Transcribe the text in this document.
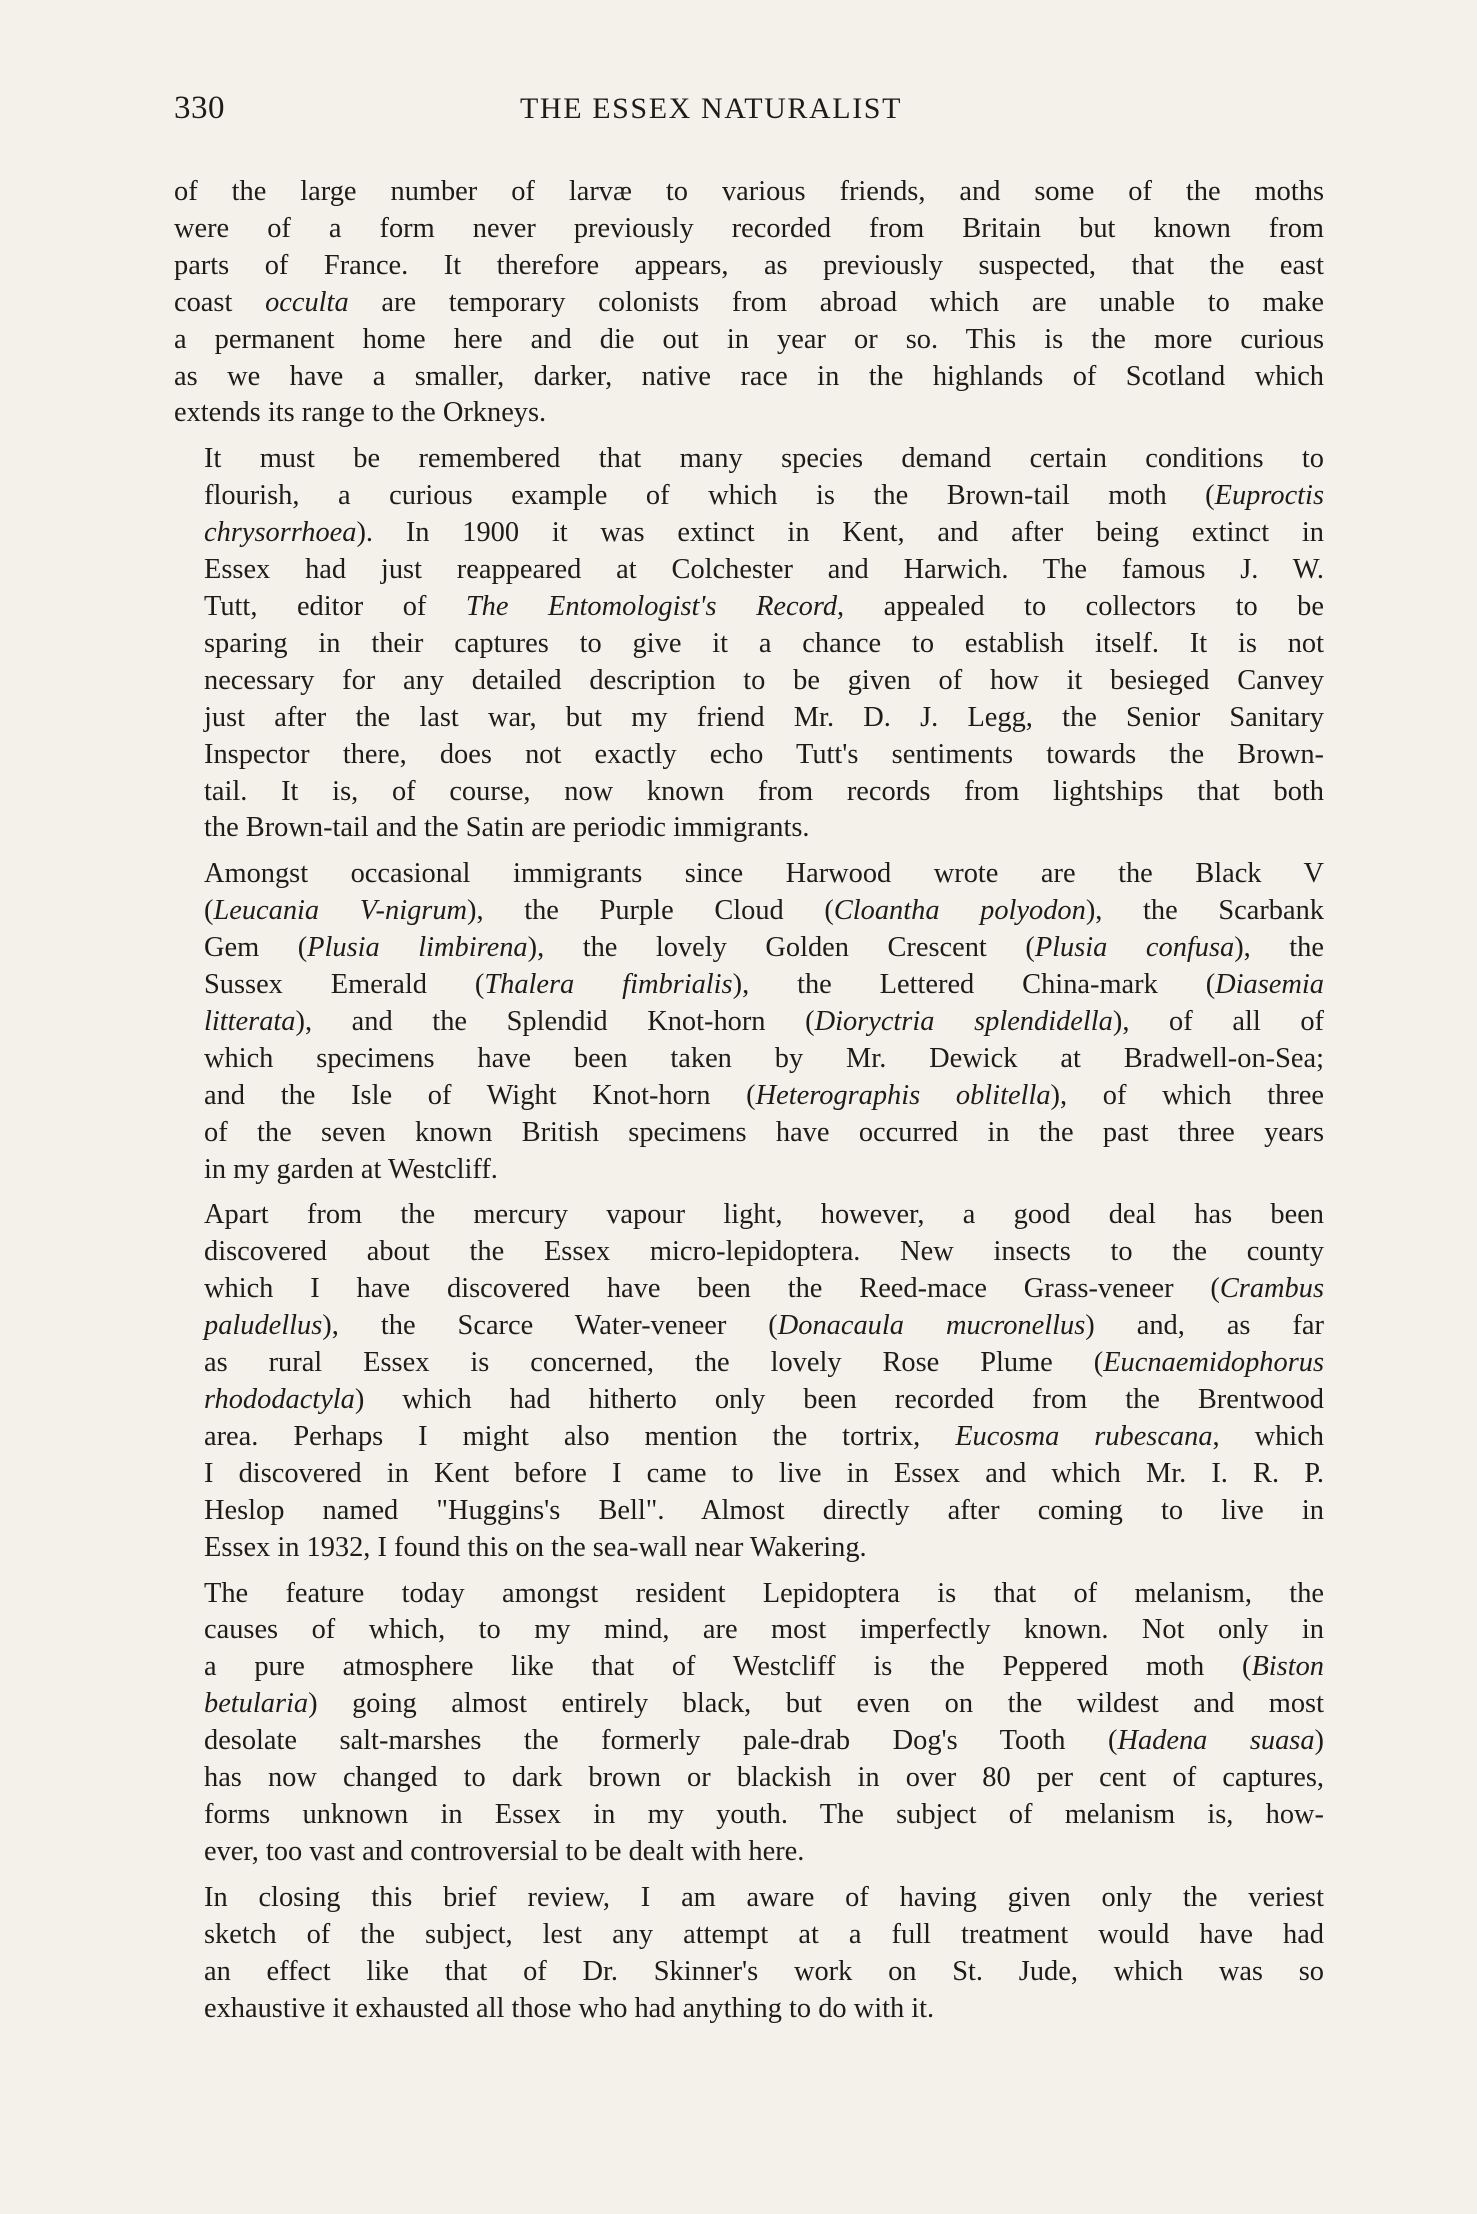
330	THE ESSEX NATURALIST

of the large number of larvæ to various friends, and some of the moths
were of a form never previously recorded from Britain but known from
parts of France. It therefore appears, as previously suspected, that the east
coast occulta are temporary colonists from abroad which are unable to make
a permanent home here and die out in year or so. This is the more curious
as we have a smaller, darker, native race in the highlands of Scotland which
extends its range to the Orkneys.

It must be remembered that many species demand certain conditions to
flourish, a curious example of which is the Brown-tail moth (Euproctis
chrysorrhoea). In 1900 it was extinct in Kent, and after being extinct in
Essex had just reappeared at Colchester and Harwich. The famous J. W.
Tutt, editor of The Entomologist's Record, appealed to collectors to be
sparing in their captures to give it a chance to establish itself. It is not
necessary for any detailed description to be given of how it besieged Canvey
just after the last war, but my friend Mr. D. J. Legg, the Senior Sanitary
Inspector there, does not exactly echo Tutt's sentiments towards the Brown-
tail. It is, of course, now known from records from lightships that both
the Brown-tail and the Satin are periodic immigrants.

Amongst occasional immigrants since Harwood wrote are the Black V
(Leucania V-nigrum), the Purple Cloud (Cloantha polyodon), the Scarbank
Gem (Plusia limbirena), the lovely Golden Crescent (Plusia confusa), the
Sussex Emerald (Thalera fimbrialis), the Lettered China-mark (Diasemia
litterata), and the Splendid Knot-horn (Dioryctria splendidella), of all of
which specimens have been taken by Mr. Dewick at Bradwell-on-Sea;
and the Isle of Wight Knot-horn (Heterographis oblitella), of which three
of the seven known British specimens have occurred in the past three years
in my garden at Westcliff.

Apart from the mercury vapour light, however, a good deal has been
discovered about the Essex micro-lepidoptera. New insects to the county
which I have discovered have been the Reed-mace Grass-veneer (Crambus
paludellus), the Scarce Water-veneer (Donacaula mucronellus) and, as far
as rural Essex is concerned, the lovely Rose Plume (Eucnaemidophorus
rhododactyla) which had hitherto only been recorded from the Brentwood
area. Perhaps I might also mention the tortrix, Eucosma rubescana, which
I discovered in Kent before I came to live in Essex and which Mr. I. R. P.
Heslop named "Huggins's Bell". Almost directly after coming to live in
Essex in 1932, I found this on the sea-wall near Wakering.

The feature today amongst resident Lepidoptera is that of melanism, the
causes of which, to my mind, are most imperfectly known. Not only in
a pure atmosphere like that of Westcliff is the Peppered moth (Biston
betularia) going almost entirely black, but even on the wildest and most
desolate salt-marshes the formerly pale-drab Dog's Tooth (Hadena suasa)
has now changed to dark brown or blackish in over 80 per cent of captures,
forms unknown in Essex in my youth. The subject of melanism is, how-
ever, too vast and controversial to be dealt with here.

In closing this brief review, I am aware of having given only the veriest
sketch of the subject, lest any attempt at a full treatment would have had
an effect like that of Dr. Skinner's work on St. Jude, which was so
exhaustive it exhausted all those who had anything to do with it.
